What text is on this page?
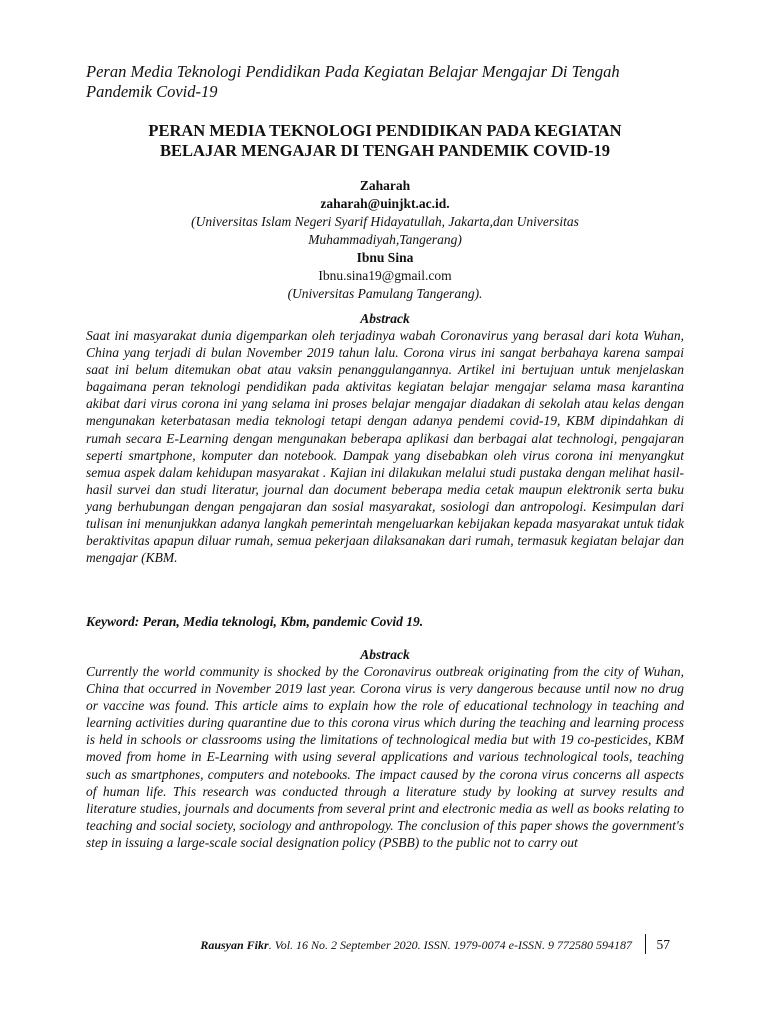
Peran Media Teknologi Pendidikan Pada Kegiatan Belajar Mengajar Di Tengah Pandemik Covid-19
PERAN MEDIA TEKNOLOGI PENDIDIKAN PADA KEGIATAN
BELAJAR MENGAJAR DI TENGAH PANDEMIK COVID-19
Zaharah
zaharah@uinjkt.ac.id.
(Universitas Islam Negeri Syarif Hidayatullah, Jakarta,dan Universitas
Muhammadiyah,Tangerang)
Ibnu Sina
Ibnu.sina19@gmail.com
(Universitas Pamulang Tangerang).
Abstrack

Saat ini masyarakat dunia digemparkan oleh terjadinya wabah Coronavirus yang berasal dari kota Wuhan, China yang terjadi di bulan November 2019 tahun lalu. Corona virus ini sangat berbahaya karena sampai saat ini belum ditemukan obat atau vaksin penanggulangannya. Artikel ini bertujuan untuk menjelaskan bagaimana peran teknologi pendidikan pada aktivitas kegiatan belajar mengajar selama masa karantina akibat dari virus corona ini yang selama ini proses belajar mengajar diadakan di sekolah atau kelas dengan mengunakan keterbatasan media teknologi tetapi dengan adanya pendemi covid-19, KBM dipindahkan di rumah secara E-Learning dengan mengunakan beberapa aplikasi dan berbagai alat technologi, pengajaran seperti smartphone, komputer dan notebook. Dampak yang disebabkan oleh virus corona ini menyangkut semua aspek dalam kehidupan masyarakat . Kajian ini dilakukan melalui studi pustaka dengan melihat hasil-hasil survei dan studi literatur, journal dan document beberapa media cetak maupun elektronik serta buku yang berhubungan dengan pengajaran dan sosial masyarakat, sosiologi dan antropologi. Kesimpulan dari tulisan ini menunjukkan adanya langkah pemerintah mengeluarkan kebijakan kepada masyarakat untuk tidak beraktivitas apapun diluar rumah, semua pekerjaan dilaksanakan dari rumah, termasuk kegiatan belajar dan mengajar (KBM.

Keyword: Peran, Media teknologi, Kbm, pandemic Covid 19.
Abstrack

Currently the world community is shocked by the Coronavirus outbreak originating from the city of Wuhan, China that occurred in November 2019 last year. Corona virus is very dangerous because until now no drug or vaccine was found. This article aims to explain how the role of educational technology in teaching and learning activities during quarantine due to this corona virus which during the teaching and learning process is held in schools or classrooms using the limitations of technological media but with 19 co-pesticides, KBM moved from home in E-Learning with using several applications and various technological tools, teaching such as smartphones, computers and notebooks. The impact caused by the corona virus concerns all aspects of human life. This research was conducted through a literature study by looking at survey results and literature studies, journals and documents from several print and electronic media as well as books relating to teaching and social society, sociology and anthropology. The conclusion of this paper shows the government's step in issuing a large-scale social designation policy (PSBB) to the public not to carry out

Rausyan Fikr. Vol. 16 No. 2 September 2020. ISSN. 1979-0074 e-ISSN. 9 772580 594187 57
